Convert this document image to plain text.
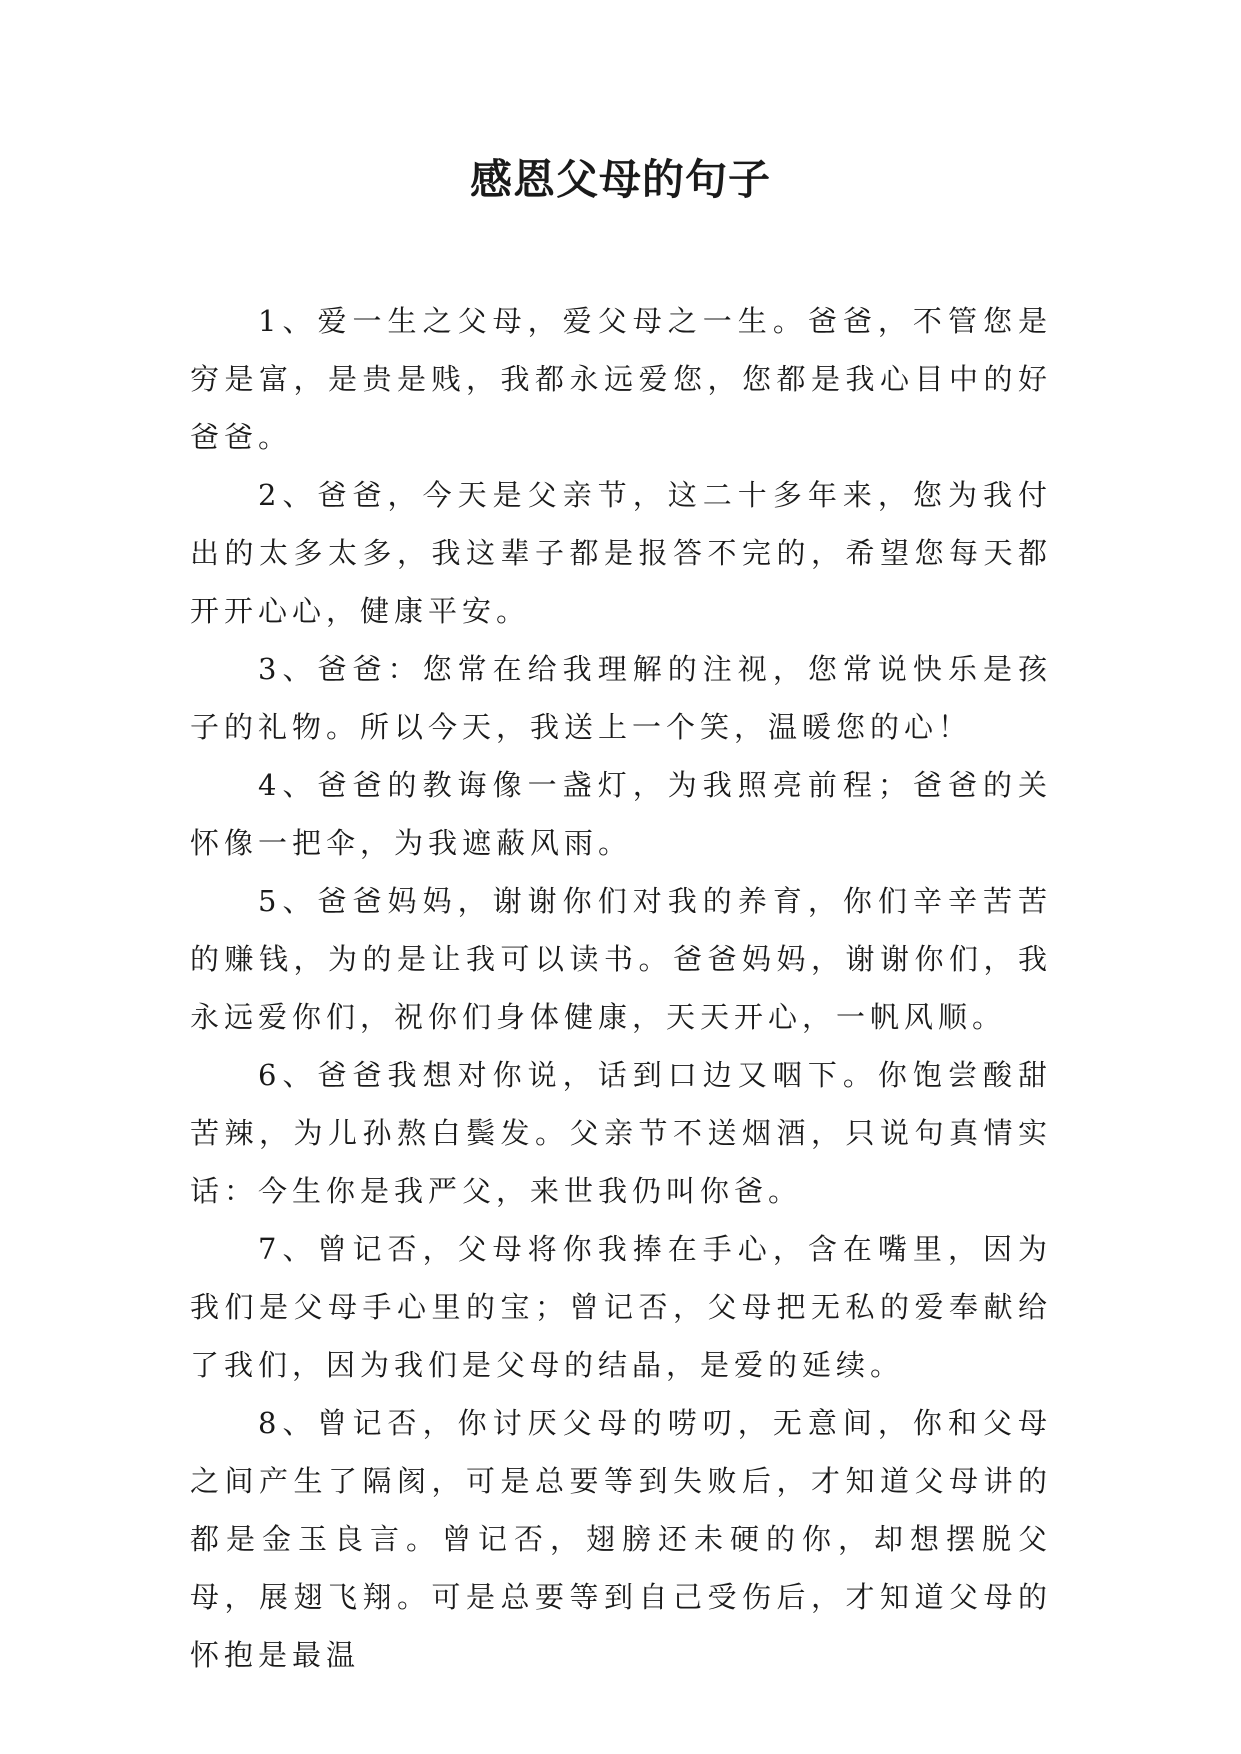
感恩父母的句子

1、爱一生之父母，爱父母之一生。爸爸，不管您是穷是富，是贵是贱，我都永远爱您，您都是我心目中的好爸爸。

2、爸爸，今天是父亲节，这二十多年来，您为我付出的太多太多，我这辈子都是报答不完的，希望您每天都开开心心，健康平安。

3、爸爸：您常在给我理解的注视，您常说快乐是孩子的礼物。所以今天，我送上一个笑，温暖您的心！

4、爸爸的教诲像一盏灯，为我照亮前程；爸爸的关怀像一把伞，为我遮蔽风雨。

5、爸爸妈妈，谢谢你们对我的养育，你们辛辛苦苦的赚钱，为的是让我可以读书。爸爸妈妈，谢谢你们，我永远爱你们，祝你们身体健康，天天开心，一帆风顺。

6、爸爸我想对你说，话到口边又咽下。你饱尝酸甜苦辣，为儿孙熬白鬓发。父亲节不送烟酒，只说句真情实话：今生你是我严父，来世我仍叫你爸。

7、曾记否，父母将你我捧在手心，含在嘴里，因为我们是父母手心里的宝；曾记否，父母把无私的爱奉献给了我们，因为我们是父母的结晶，是爱的延续。

8、曾记否，你讨厌父母的唠叨，无意间，你和父母之间产生了隔阂，可是总要等到失败后，才知道父母讲的都是金玉良言。曾记否，翅膀还未硬的你，却想摆脱父母，展翅飞翔。可是总要等到自己受伤后，才知道父母的怀抱是最温
